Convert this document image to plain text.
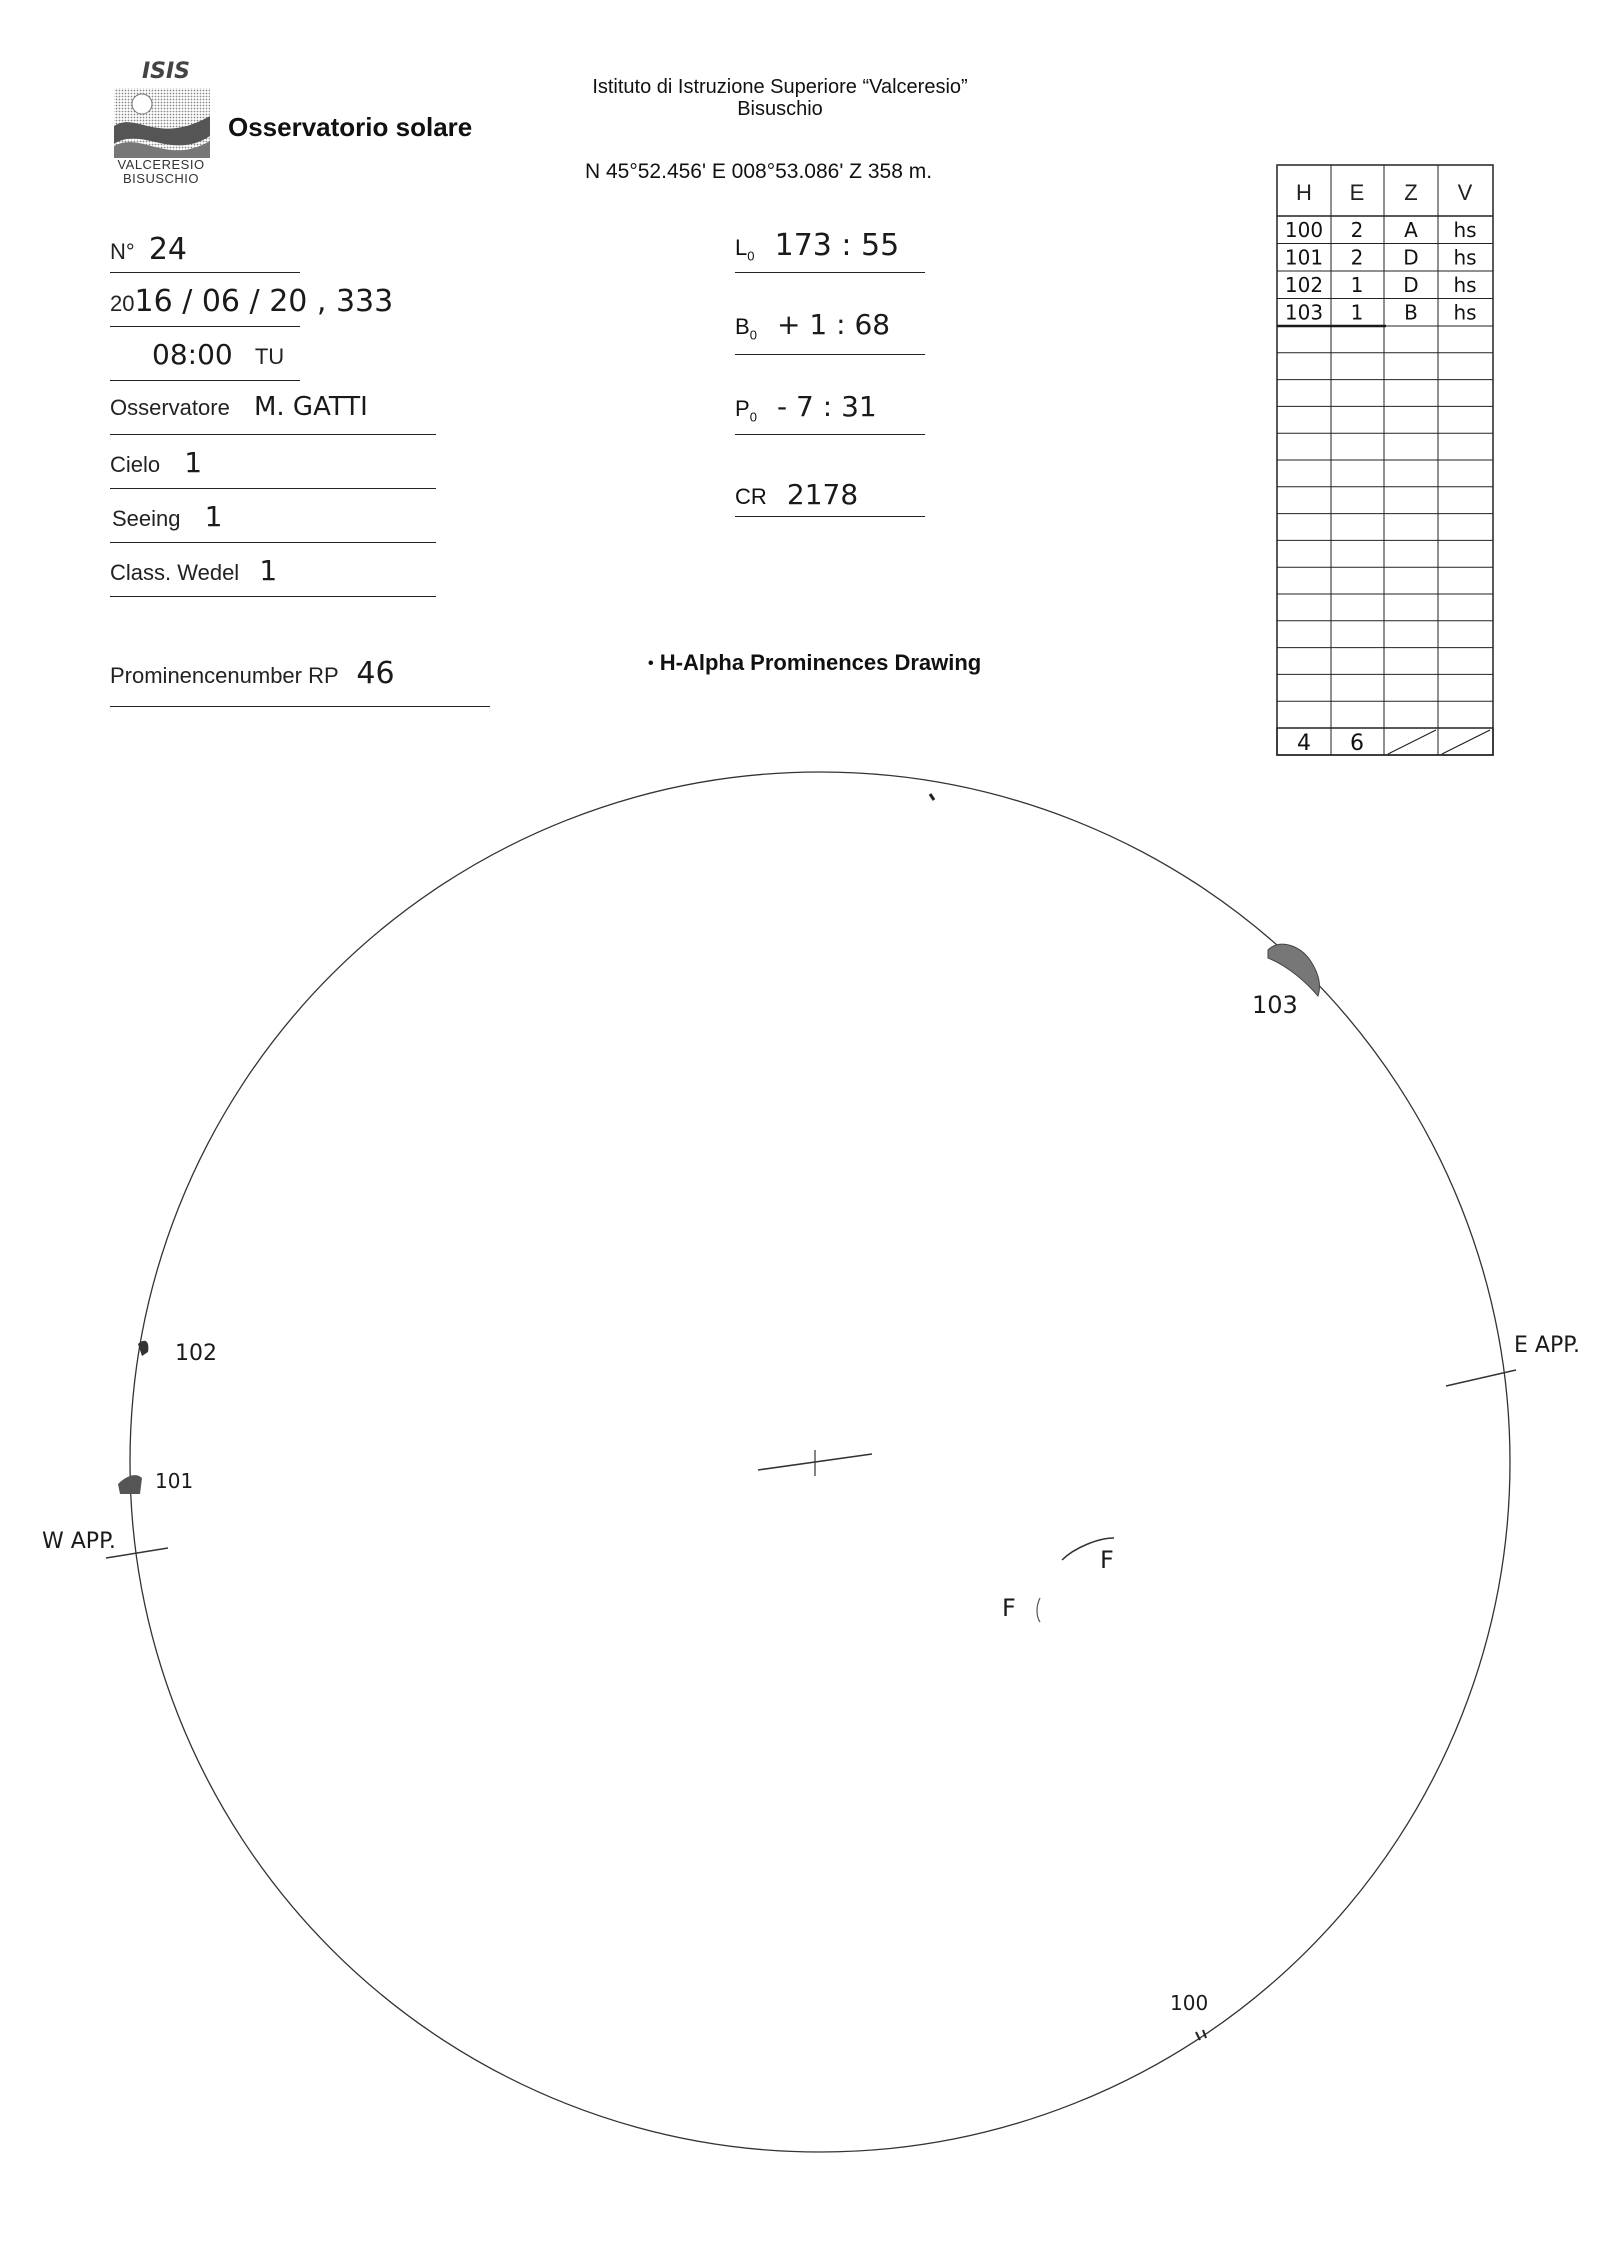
ISIS
VALCERESIO
BISUSCHIO
Osservatorio solare
Istituto di Istruzione Superiore “Valceresio”
Bisuschio
N 45°52.456' E 008°53.086' Z 358 m.
N° 24
2016 / 06 / 20 , 333
08:00 TU
Osservatore M. GATTI
Cielo 1
Seeing 1
Class. Wedel 1
Prominencenumber RP 46
$L_0$ 173 : 55
$B_0 + 1$ : 68
$P_0 - 7$ : 31
CR 2178
• H-Alpha Prominences Drawing
H E Z V
100 2 A hs
101 2 D hs
102 1 D hs
103 1 B hs
4 6
103
102
101
100
E APP.
W APP.
F
F
